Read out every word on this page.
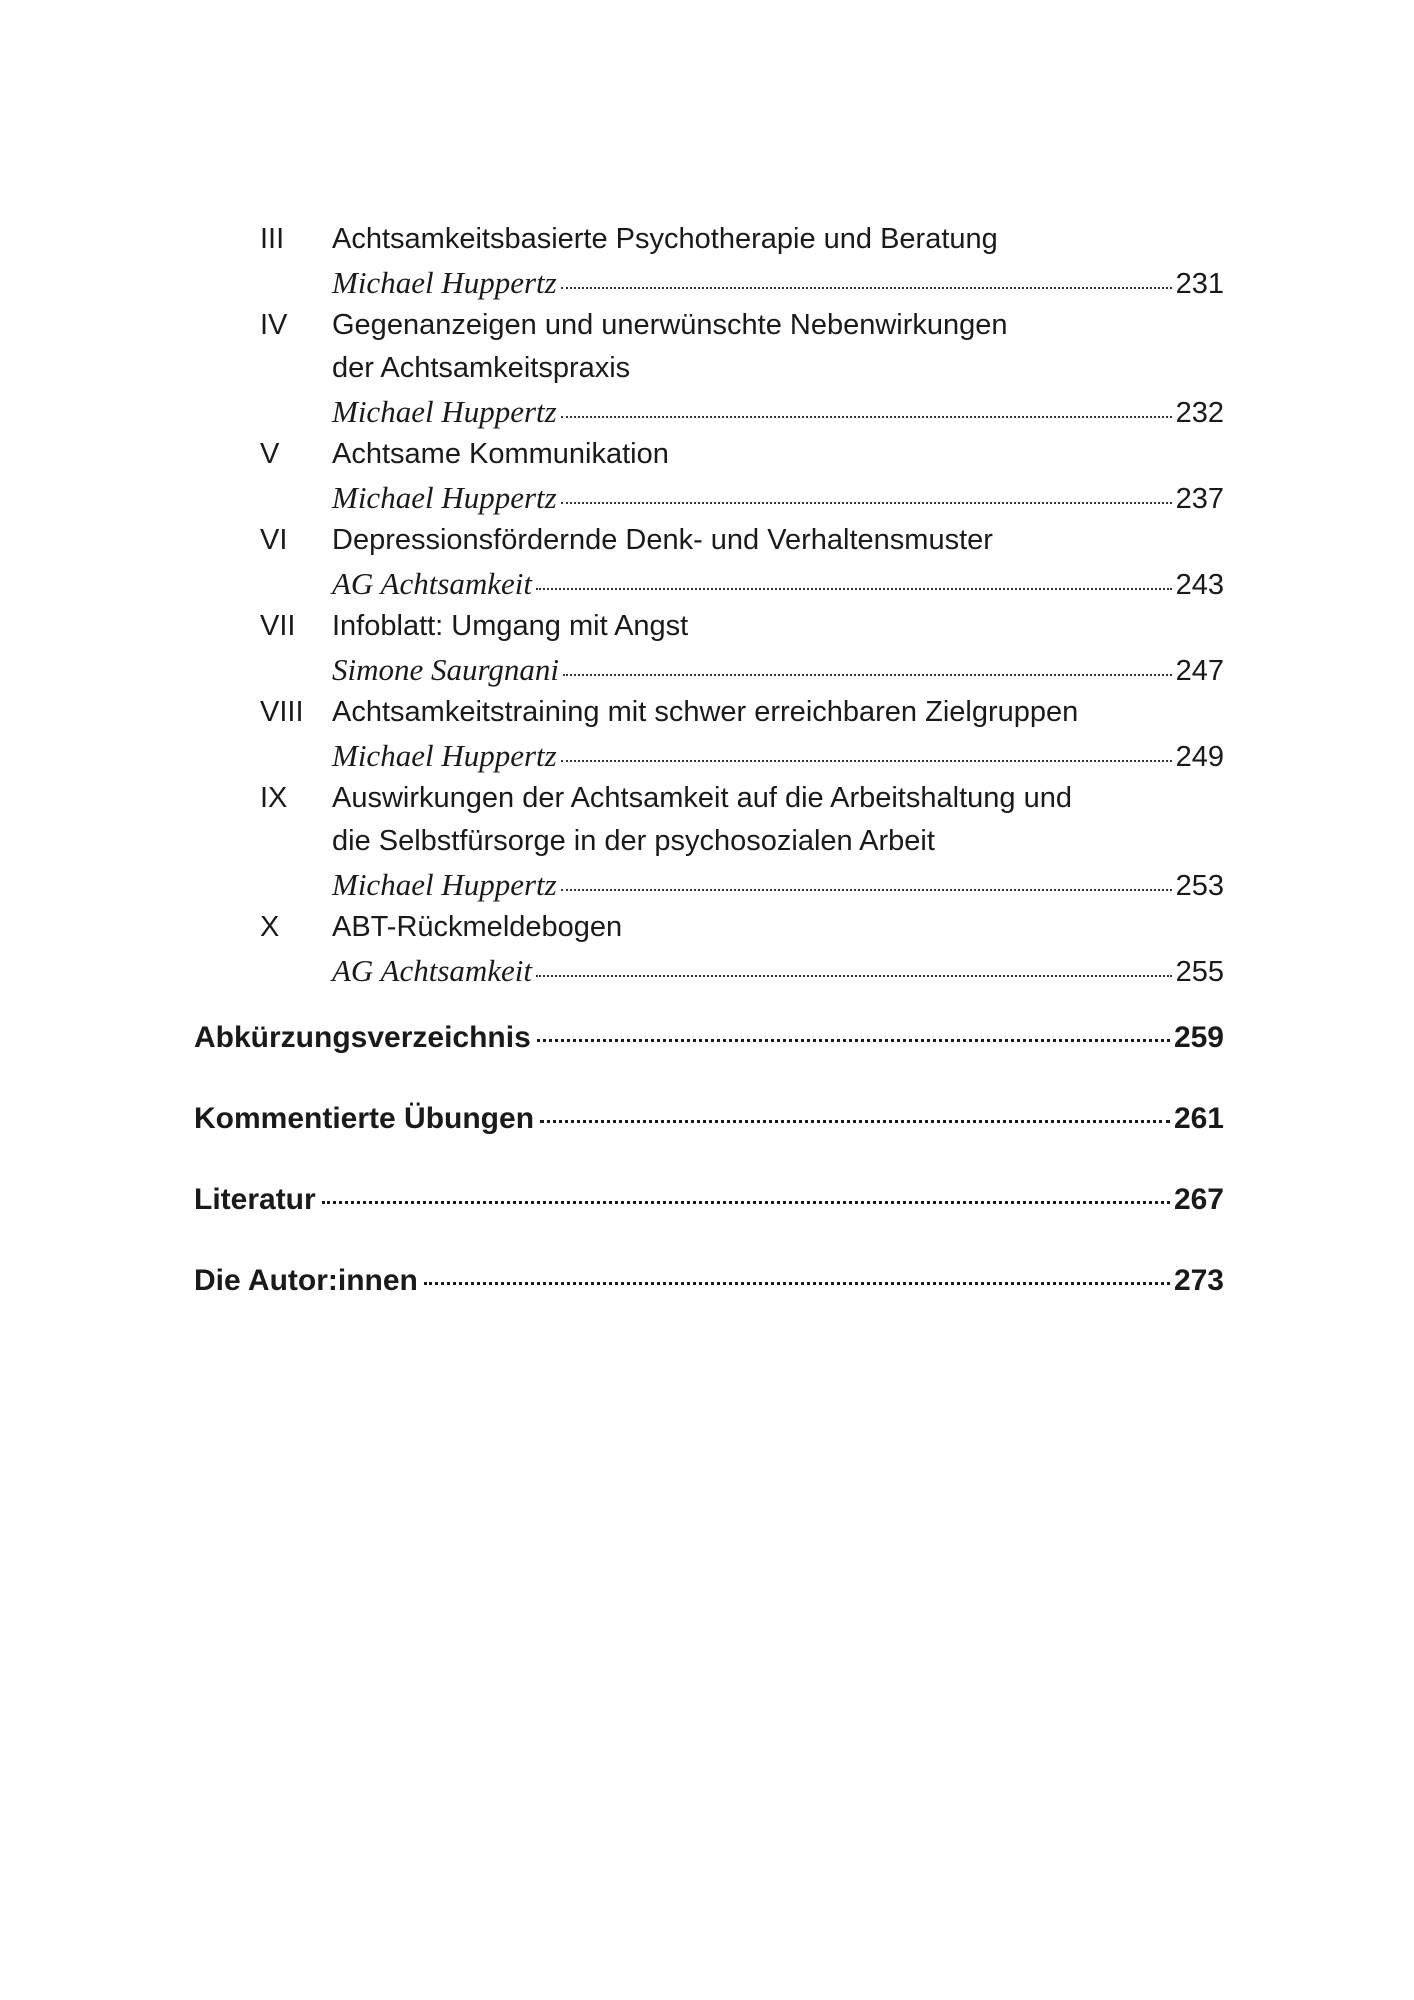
III	Achtsamkeitsbasierte Psychotherapie und Beratung
Michael Huppertz	231
IV	Gegenanzeigen und unerwünschte Nebenwirkungen
der Achtsamkeitspraxis
Michael Huppertz	232
V	Achtsame Kommunikation
Michael Huppertz	237
VI	Depressionsfördernde Denk- und Verhaltensmuster
AG Achtsamkeit	243
VII	Infoblatt: Umgang mit Angst
Simone Saurgnani	247
VIII Achtsamkeitstraining mit schwer erreichbaren Zielgruppen
Michael Huppertz	249
IX	Auswirkungen der Achtsamkeit auf die Arbeitshaltung und
die Selbstfürsorge in der psychosozialen Arbeit
Michael Huppertz	253
X	ABT-Rückmeldebogen
AG Achtsamkeit	255
Abkürzungsverzeichnis	259
Kommentierte Übungen	261
Literatur	267
Die Autor:innen	273
